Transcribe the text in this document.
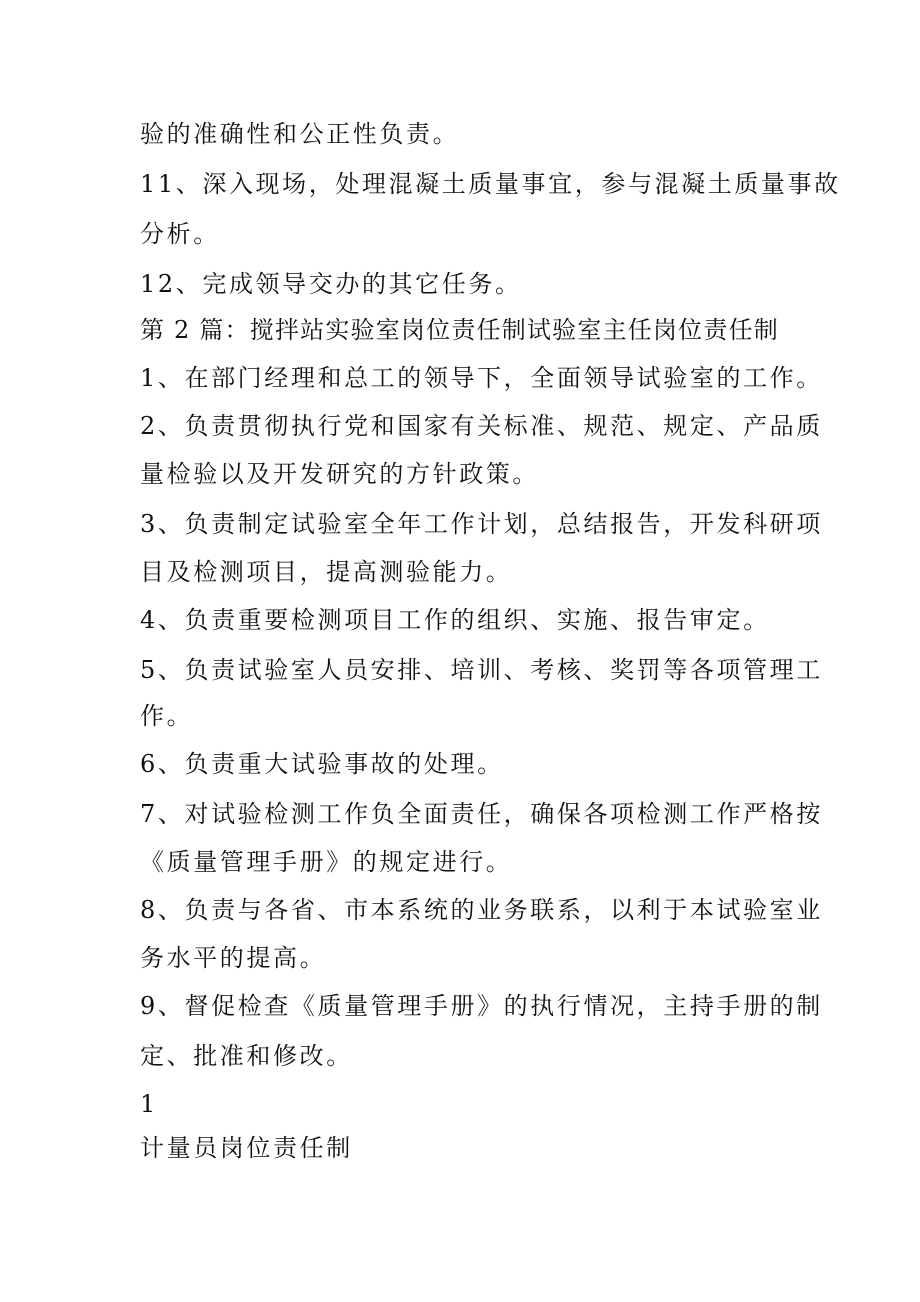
验的准确性和公正性负责。
11、深入现场，处理混凝土质量事宜，参与混凝土质量事故
分析。
12、完成领导交办的其它任务。
第 2 篇：搅拌站实验室岗位责任制试验室主任岗位责任制
1、在部门经理和总工的领导下，全面领导试验室的工作。
2、负责贯彻执行党和国家有关标准、规范、规定、产品质
量检验以及开发研究的方针政策。
3、负责制定试验室全年工作计划，总结报告，开发科研项
目及检测项目，提高测验能力。
4、负责重要检测项目工作的组织、实施、报告审定。
5、负责试验室人员安排、培训、考核、奖罚等各项管理工
作。
6、负责重大试验事故的处理。
7、对试验检测工作负全面责任，确保各项检测工作严格按
《质量管理手册》的规定进行。
8、负责与各省、市本系统的业务联系，以利于本试验室业
务水平的提高。
9、督促检查《质量管理手册》的执行情况，主持手册的制
定、批准和修改。
1
计量员岗位责任制
